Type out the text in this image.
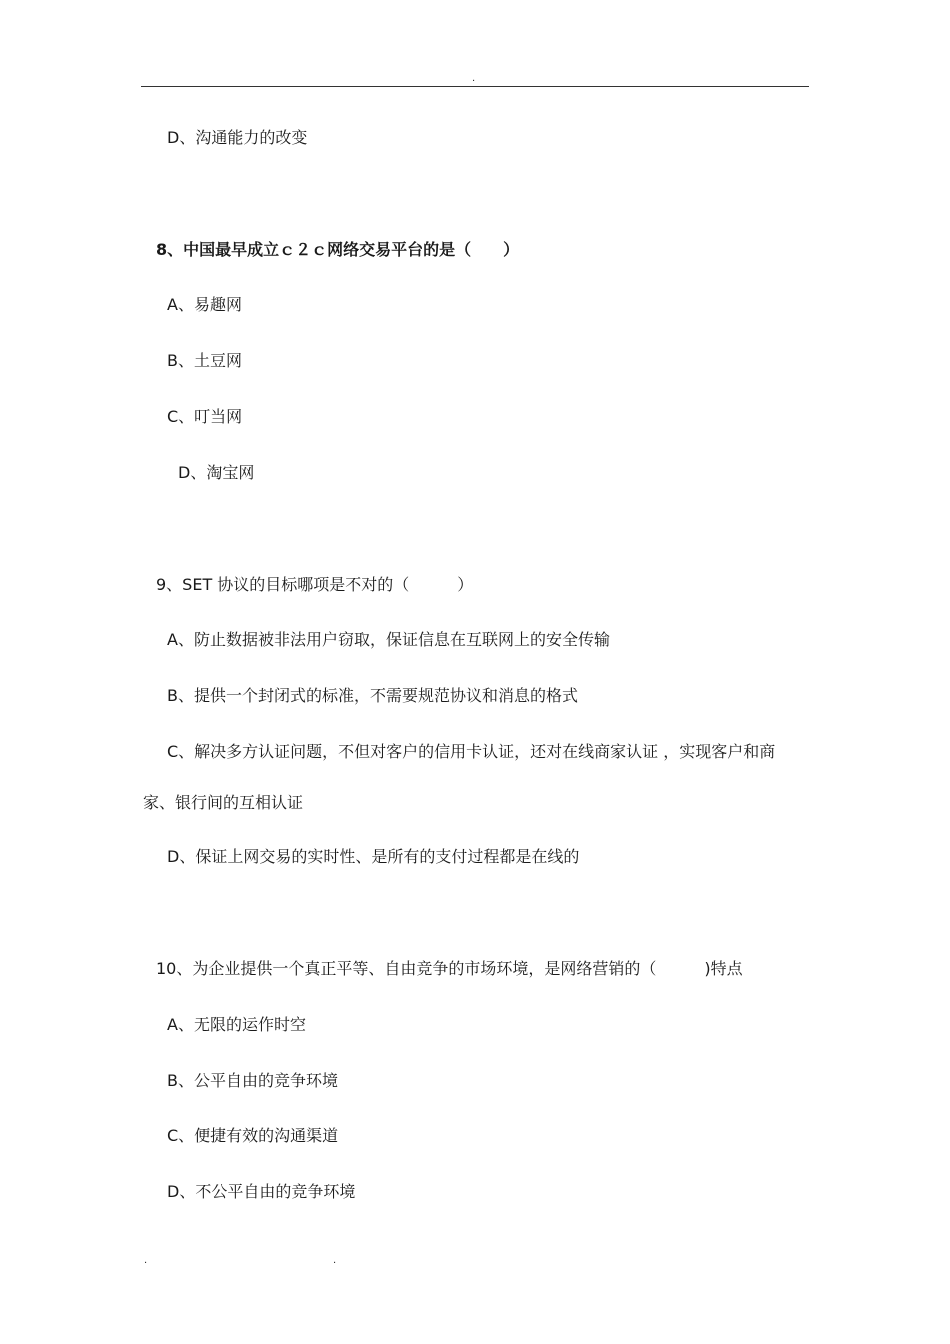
.
D、沟通能力的改变
8、中国最早成立ｃ２ｃ网络交易平台的是（　　）
A、易趣网
B、土豆网
C、叮当网
D、淘宝网
9、SET 协议的目标哪项是不对的（　　　）
A、防止数据被非法用户窃取，保证信息在互联网上的安全传输
B、提供一个封闭式的标准，不需要规范协议和消息的格式
C、解决多方认证问题，不但对客户的信用卡认证，还对在线商家认证 ，实现客户和商
家、银行间的互相认证
D、保证上网交易的实时性、是所有的支付过程都是在线的
10、为企业提供一个真正平等、自由竞争的市场环境，是网络营销的（　　　)特点
A、无限的运作时空
B、公平自由的竞争环境
C、便捷有效的沟通渠道
D、不公平自由的竞争环境
.	.
